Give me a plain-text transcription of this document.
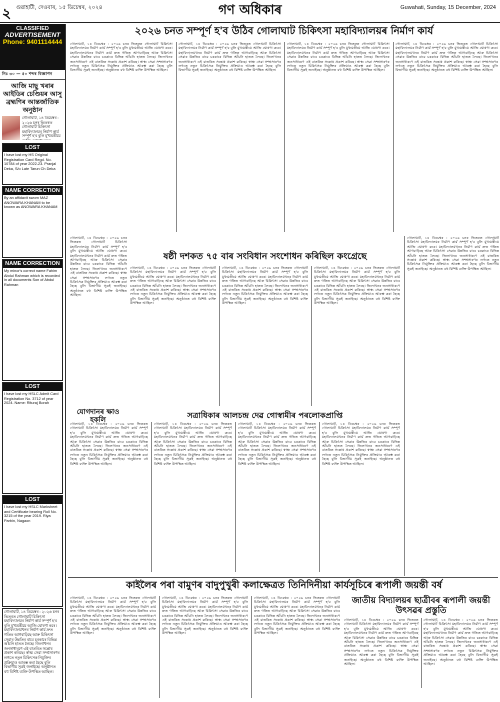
২ গুৱাহাটী, দেওবাৰ, ১৫ ডিচেম্বৰ, ২০২৪	গণ অধিকাৰ	Guwahati, Sunday, 15 December, 2024
CLASSIFIED
ADVERTISEMENT
Phone: 9401114444
নিঃ ৩০ — ৫০ শব্দৰ বিজ্ঞাপন
আজি মাছু খৰাৰ আইডিৰ চেণ্ডিয়ৰ আসু ব্ৰহ্মণিৰ আন্তৰ্জাতিক অনুষ্ঠান
গোলাঘাট, ১৪ ডিচেম্বৰ : ২০২৬ চনৰ ভিতৰত গোলাঘাট চিকিৎসা মহাবিদ্যালয়ৰ নিৰ্মাণ কাৰ্য সম্পূৰ্ণ হ'ব বুলি মুখ্যমন্ত্ৰীয়ে
LOST
I have lost my HS Original Registration Card Regd. No. 10784 of year 2022-23. Pranjal Deka, S/o Late Tarun Ch Deka
NAME CORRECTION
By an affidavit sworn MAZ ANOWARA KHANAM to be known as ANOWARA KHANAM
NAME CORRECTION
My minor's correct name Fahim Abdul Rahman which is recorded in all documents Son of Abdul Rahman
LOST
I have lost my HSLC Admit Card Registration No. 3712 of year 2024. Name: Rituraj Borah
LOST
I have lost my HSLC Marksheet and Certificate bearing Roll No. 3215 of the year 2019. Riya Parbin, Nagaon
গোলাঘাট, ১৪ ডিচেম্বৰ : ২০২৬ চনৰ ভিতৰত গোলাঘাট চিকিৎসা মহাবিদ্যালয়ৰ নিৰ্মাণ কাৰ্য সম্পূৰ্ণ হ'ব বুলি মুখ্যমন্ত্ৰীয়ে আজি ঘোষণা কৰে। মহাবিদ্যালয়খনৰ নিৰ্মাণ কাৰ্য দ্ৰুত গতিত আগবাঢ়িছে আৰু চিকিৎসা সেৱাৰ উন্নতিৰ বাবে চৰকাৰে বিভিন্ন আঁচনি হাতত লৈছে। জিলাখনৰ জনসাধাৰণে এই বাতৰিত সন্তোষ প্ৰকাশ কৰিছে। স্বাস্থ্য সেৱা সম্প্ৰসাৰণৰ লগতে নতুন চিকিৎসক নিযুক্তিৰ প্ৰক্ৰিয়াও আৰম্ভ কৰা হৈছে বুলি বিভাগীয় সূত্ৰই জনাইছে। অনুষ্ঠানত বহু বিশিষ্ট ব্যক্তি উপস্থিত আছিল।
যোগদানৰ ক্ষাও হকলি
২০২৬ চনত সম্পূৰ্ণ হ'ব উঠিব গোলাঘাট চিকিৎসা মহাবিদ্যালয়ৰ নিৰ্মাণ কাৰ্য
গোলাঘাট, ১৪ ডিচেম্বৰ : ২০২৬ চনৰ ভিতৰত গোলাঘাট চিকিৎসা মহাবিদ্যালয়ৰ নিৰ্মাণ কাৰ্য সম্পূৰ্ণ হ'ব বুলি মুখ্যমন্ত্ৰীয়ে আজি ঘোষণা কৰে। মহাবিদ্যালয়খনৰ নিৰ্মাণ কাৰ্য দ্ৰুত গতিত আগবাঢ়িছে আৰু চিকিৎসা সেৱাৰ উন্নতিৰ বাবে চৰকাৰে বিভিন্ন আঁচনি হাতত লৈছে। জিলাখনৰ জনসাধাৰণে এই বাতৰিত সন্তোষ প্ৰকাশ কৰিছে। স্বাস্থ্য সেৱা সম্প্ৰসাৰণৰ লগতে নতুন চিকিৎসক নিযুক্তিৰ প্ৰক্ৰিয়াও আৰম্ভ কৰা হৈছে বুলি বিভাগীয় সূত্ৰই জনাইছে। অনুষ্ঠানত বহু বিশিষ্ট ব্যক্তি উপস্থিত আছিল।
গোলাঘাট, ১৪ ডিচেম্বৰ : ২০২৬ চনৰ ভিতৰত গোলাঘাট চিকিৎসা মহাবিদ্যালয়ৰ নিৰ্মাণ কাৰ্য সম্পূৰ্ণ হ'ব বুলি মুখ্যমন্ত্ৰীয়ে আজি ঘোষণা কৰে। মহাবিদ্যালয়খনৰ নিৰ্মাণ কাৰ্য দ্ৰুত গতিত আগবাঢ়িছে আৰু চিকিৎসা সেৱাৰ উন্নতিৰ বাবে চৰকাৰে বিভিন্ন আঁচনি হাতত লৈছে। জিলাখনৰ জনসাধাৰণে এই বাতৰিত সন্তোষ প্ৰকাশ কৰিছে। স্বাস্থ্য সেৱা সম্প্ৰসাৰণৰ লগতে নতুন চিকিৎসক নিযুক্তিৰ প্ৰক্ৰিয়াও আৰম্ভ কৰা হৈছে বুলি বিভাগীয় সূত্ৰই জনাইছে। অনুষ্ঠানত বহু বিশিষ্ট ব্যক্তি উপস্থিত আছিল।
গোলাঘাট, ১৪ ডিচেম্বৰ : ২০২৬ চনৰ ভিতৰত গোলাঘাট চিকিৎসা মহাবিদ্যালয়ৰ নিৰ্মাণ কাৰ্য সম্পূৰ্ণ হ'ব বুলি মুখ্যমন্ত্ৰীয়ে আজি ঘোষণা কৰে। মহাবিদ্যালয়খনৰ নিৰ্মাণ কাৰ্য দ্ৰুত গতিত আগবাঢ়িছে আৰু চিকিৎসা সেৱাৰ উন্নতিৰ বাবে চৰকাৰে বিভিন্ন আঁচনি হাতত লৈছে। জিলাখনৰ জনসাধাৰণে এই বাতৰিত সন্তোষ প্ৰকাশ কৰিছে। স্বাস্থ্য সেৱা সম্প্ৰসাৰণৰ লগতে নতুন চিকিৎসক নিযুক্তিৰ প্ৰক্ৰিয়াও আৰম্ভ কৰা হৈছে বুলি বিভাগীয় সূত্ৰই জনাইছে। অনুষ্ঠানত বহু বিশিষ্ট ব্যক্তি উপস্থিত আছিল।
গোলাঘাট, ১৪ ডিচেম্বৰ : ২০২৬ চনৰ ভিতৰত গোলাঘাট চিকিৎসা মহাবিদ্যালয়ৰ নিৰ্মাণ কাৰ্য সম্পূৰ্ণ হ'ব বুলি মুখ্যমন্ত্ৰীয়ে আজি ঘোষণা কৰে। মহাবিদ্যালয়খনৰ নিৰ্মাণ কাৰ্য দ্ৰুত গতিত আগবাঢ়িছে আৰু চিকিৎসা সেৱাৰ উন্নতিৰ বাবে চৰকাৰে বিভিন্ন আঁচনি হাতত লৈছে। জিলাখনৰ জনসাধাৰণে এই বাতৰিত সন্তোষ প্ৰকাশ কৰিছে। স্বাস্থ্য সেৱা সম্প্ৰসাৰণৰ লগতে নতুন চিকিৎসক নিযুক্তিৰ প্ৰক্ৰিয়াও আৰম্ভ কৰা হৈছে বুলি বিভাগীয় সূত্ৰই জনাইছে। অনুষ্ঠানত বহু বিশিষ্ট ব্যক্তি উপস্থিত আছিল।
ষষ্ঠী দশকত ৭৫ বাৰ সংবিধান সংশোধন কৰিছিল কংগ্ৰেছে
গোলাঘাট, ১৪ ডিচেম্বৰ : ২০২৬ চনৰ ভিতৰত গোলাঘাট চিকিৎসা মহাবিদ্যালয়ৰ নিৰ্মাণ কাৰ্য সম্পূৰ্ণ হ'ব বুলি মুখ্যমন্ত্ৰীয়ে আজি ঘোষণা কৰে। মহাবিদ্যালয়খনৰ নিৰ্মাণ কাৰ্য দ্ৰুত গতিত আগবাঢ়িছে আৰু চিকিৎসা সেৱাৰ উন্নতিৰ বাবে চৰকাৰে বিভিন্ন আঁচনি হাতত লৈছে। জিলাখনৰ জনসাধাৰণে এই বাতৰিত সন্তোষ প্ৰকাশ কৰিছে। স্বাস্থ্য সেৱা সম্প্ৰসাৰণৰ লগতে নতুন চিকিৎসক নিযুক্তিৰ প্ৰক্ৰিয়াও আৰম্ভ কৰা হৈছে বুলি বিভাগীয় সূত্ৰই জনাইছে। অনুষ্ঠানত বহু বিশিষ্ট ব্যক্তি উপস্থিত আছিল।
গোলাঘাট, ১৪ ডিচেম্বৰ : ২০২৬ চনৰ ভিতৰত গোলাঘাট চিকিৎসা মহাবিদ্যালয়ৰ নিৰ্মাণ কাৰ্য সম্পূৰ্ণ হ'ব বুলি মুখ্যমন্ত্ৰীয়ে আজি ঘোষণা কৰে। মহাবিদ্যালয়খনৰ নিৰ্মাণ কাৰ্য দ্ৰুত গতিত আগবাঢ়িছে আৰু চিকিৎসা সেৱাৰ উন্নতিৰ বাবে চৰকাৰে বিভিন্ন আঁচনি হাতত লৈছে। জিলাখনৰ জনসাধাৰণে এই বাতৰিত সন্তোষ প্ৰকাশ কৰিছে। স্বাস্থ্য সেৱা সম্প্ৰসাৰণৰ লগতে নতুন চিকিৎসক নিযুক্তিৰ প্ৰক্ৰিয়াও আৰম্ভ কৰা হৈছে বুলি বিভাগীয় সূত্ৰই জনাইছে। অনুষ্ঠানত বহু বিশিষ্ট ব্যক্তি উপস্থিত আছিল।
গোলাঘাট, ১৪ ডিচেম্বৰ : ২০২৬ চনৰ ভিতৰত গোলাঘাট চিকিৎসা মহাবিদ্যালয়ৰ নিৰ্মাণ কাৰ্য সম্পূৰ্ণ হ'ব বুলি মুখ্যমন্ত্ৰীয়ে আজি ঘোষণা কৰে। মহাবিদ্যালয়খনৰ নিৰ্মাণ কাৰ্য দ্ৰুত গতিত আগবাঢ়িছে আৰু চিকিৎসা সেৱাৰ উন্নতিৰ বাবে চৰকাৰে বিভিন্ন আঁচনি হাতত লৈছে। জিলাখনৰ জনসাধাৰণে এই বাতৰিত সন্তোষ প্ৰকাশ কৰিছে। স্বাস্থ্য সেৱা সম্প্ৰসাৰণৰ লগতে নতুন চিকিৎসক নিযুক্তিৰ প্ৰক্ৰিয়াও আৰম্ভ কৰা হৈছে বুলি বিভাগীয় সূত্ৰই জনাইছে। অনুষ্ঠানত বহু বিশিষ্ট ব্যক্তি উপস্থিত আছিল।
গোলাঘাট, ১৪ ডিচেম্বৰ : ২০২৬ চনৰ ভিতৰত গোলাঘাট চিকিৎসা মহাবিদ্যালয়ৰ নিৰ্মাণ কাৰ্য সম্পূৰ্ণ হ'ব বুলি মুখ্যমন্ত্ৰীয়ে আজি ঘোষণা কৰে। মহাবিদ্যালয়খনৰ নিৰ্মাণ কাৰ্য দ্ৰুত গতিত আগবাঢ়িছে আৰু চিকিৎসা সেৱাৰ উন্নতিৰ বাবে চৰকাৰে বিভিন্ন আঁচনি হাতত লৈছে। জিলাখনৰ জনসাধাৰণে এই বাতৰিত সন্তোষ প্ৰকাশ কৰিছে। স্বাস্থ্য সেৱা সম্প্ৰসাৰণৰ লগতে নতুন চিকিৎসক নিযুক্তিৰ প্ৰক্ৰিয়াও আৰম্ভ কৰা হৈছে বুলি বিভাগীয় সূত্ৰই জনাইছে। অনুষ্ঠানত বহু বিশিষ্ট ব্যক্তি উপস্থিত আছিল।
গোলাঘাট, ১৪ ডিচেম্বৰ : ২০২৬ চনৰ ভিতৰত গোলাঘাট চিকিৎসা মহাবিদ্যালয়ৰ নিৰ্মাণ কাৰ্য সম্পূৰ্ণ হ'ব বুলি মুখ্যমন্ত্ৰীয়ে আজি ঘোষণা কৰে। মহাবিদ্যালয়খনৰ নিৰ্মাণ কাৰ্য দ্ৰুত গতিত আগবাঢ়িছে আৰু চিকিৎসা সেৱাৰ উন্নতিৰ বাবে চৰকাৰে বিভিন্ন আঁচনি হাতত লৈছে। জিলাখনৰ জনসাধাৰণে এই বাতৰিত সন্তোষ প্ৰকাশ কৰিছে। স্বাস্থ্য সেৱা সম্প্ৰসাৰণৰ লগতে নতুন চিকিৎসক নিযুক্তিৰ প্ৰক্ৰিয়াও আৰম্ভ কৰা হৈছে বুলি বিভাগীয় সূত্ৰই জনাইছে। অনুষ্ঠানত বহু বিশিষ্ট ব্যক্তি উপস্থিত আছিল।
সত্ৰাধিকাৰ আলচন্দ্ৰ দেৱ গোস্বামীৰ পৰলোকপ্ৰাপ্তি
গোলাঘাট, ১৪ ডিচেম্বৰ : ২০২৬ চনৰ ভিতৰত গোলাঘাট চিকিৎসা মহাবিদ্যালয়ৰ নিৰ্মাণ কাৰ্য সম্পূৰ্ণ হ'ব বুলি মুখ্যমন্ত্ৰীয়ে আজি ঘোষণা কৰে। মহাবিদ্যালয়খনৰ নিৰ্মাণ কাৰ্য দ্ৰুত গতিত আগবাঢ়িছে আৰু চিকিৎসা সেৱাৰ উন্নতিৰ বাবে চৰকাৰে বিভিন্ন আঁচনি হাতত লৈছে। জিলাখনৰ জনসাধাৰণে এই বাতৰিত সন্তোষ প্ৰকাশ কৰিছে। স্বাস্থ্য সেৱা সম্প্ৰসাৰণৰ লগতে নতুন চিকিৎসক নিযুক্তিৰ প্ৰক্ৰিয়াও আৰম্ভ কৰা হৈছে বুলি বিভাগীয় সূত্ৰই জনাইছে। অনুষ্ঠানত বহু বিশিষ্ট ব্যক্তি উপস্থিত আছিল।
গোলাঘাট, ১৪ ডিচেম্বৰ : ২০২৬ চনৰ ভিতৰত গোলাঘাট চিকিৎসা মহাবিদ্যালয়ৰ নিৰ্মাণ কাৰ্য সম্পূৰ্ণ হ'ব বুলি মুখ্যমন্ত্ৰীয়ে আজি ঘোষণা কৰে। মহাবিদ্যালয়খনৰ নিৰ্মাণ কাৰ্য দ্ৰুত গতিত আগবাঢ়িছে আৰু চিকিৎসা সেৱাৰ উন্নতিৰ বাবে চৰকাৰে বিভিন্ন আঁচনি হাতত লৈছে। জিলাখনৰ জনসাধাৰণে এই বাতৰিত সন্তোষ প্ৰকাশ কৰিছে। স্বাস্থ্য সেৱা সম্প্ৰসাৰণৰ লগতে নতুন চিকিৎসক নিযুক্তিৰ প্ৰক্ৰিয়াও আৰম্ভ কৰা হৈছে বুলি বিভাগীয় সূত্ৰই জনাইছে। অনুষ্ঠানত বহু বিশিষ্ট ব্যক্তি উপস্থিত আছিল।
গোলাঘাট, ১৪ ডিচেম্বৰ : ২০২৬ চনৰ ভিতৰত গোলাঘাট চিকিৎসা মহাবিদ্যালয়ৰ নিৰ্মাণ কাৰ্য সম্পূৰ্ণ হ'ব বুলি মুখ্যমন্ত্ৰীয়ে আজি ঘোষণা কৰে। মহাবিদ্যালয়খনৰ নিৰ্মাণ কাৰ্য দ্ৰুত গতিত আগবাঢ়িছে আৰু চিকিৎসা সেৱাৰ উন্নতিৰ বাবে চৰকাৰে বিভিন্ন আঁচনি হাতত লৈছে। জিলাখনৰ জনসাধাৰণে এই বাতৰিত সন্তোষ প্ৰকাশ কৰিছে। স্বাস্থ্য সেৱা সম্প্ৰসাৰণৰ লগতে নতুন চিকিৎসক নিযুক্তিৰ প্ৰক্ৰিয়াও আৰম্ভ কৰা হৈছে বুলি বিভাগীয় সূত্ৰই জনাইছে। অনুষ্ঠানত বহু বিশিষ্ট ব্যক্তি উপস্থিত আছিল।
গোলাঘাট, ১৪ ডিচেম্বৰ : ২০২৬ চনৰ ভিতৰত গোলাঘাট চিকিৎসা মহাবিদ্যালয়ৰ নিৰ্মাণ কাৰ্য সম্পূৰ্ণ হ'ব বুলি মুখ্যমন্ত্ৰীয়ে আজি ঘোষণা কৰে। মহাবিদ্যালয়খনৰ নিৰ্মাণ কাৰ্য দ্ৰুত গতিত আগবাঢ়িছে আৰু চিকিৎসা সেৱাৰ উন্নতিৰ বাবে চৰকাৰে বিভিন্ন আঁচনি হাতত লৈছে। জিলাখনৰ জনসাধাৰণে এই বাতৰিত সন্তোষ প্ৰকাশ কৰিছে। স্বাস্থ্য সেৱা সম্প্ৰসাৰণৰ লগতে নতুন চিকিৎসক নিযুক্তিৰ প্ৰক্ৰিয়াও আৰম্ভ কৰা হৈছে বুলি বিভাগীয় সূত্ৰই জনাইছে। অনুষ্ঠানত বহু বিশিষ্ট ব্যক্তি উপস্থিত আছিল।
কাইলৈৰ পৰা বামুণৰ বাদুপুখুৰী কলাক্ষেত্ৰত তিনিদিনীয়া কাৰ্যসূচিৰে ৰূপালী জয়ন্তী বৰ্ষ
গোলাঘাট, ১৪ ডিচেম্বৰ : ২০২৬ চনৰ ভিতৰত গোলাঘাট চিকিৎসা মহাবিদ্যালয়ৰ নিৰ্মাণ কাৰ্য সম্পূৰ্ণ হ'ব বুলি মুখ্যমন্ত্ৰীয়ে আজি ঘোষণা কৰে। মহাবিদ্যালয়খনৰ নিৰ্মাণ কাৰ্য দ্ৰুত গতিত আগবাঢ়িছে আৰু চিকিৎসা সেৱাৰ উন্নতিৰ বাবে চৰকাৰে বিভিন্ন আঁচনি হাতত লৈছে। জিলাখনৰ জনসাধাৰণে এই বাতৰিত সন্তোষ প্ৰকাশ কৰিছে। স্বাস্থ্য সেৱা সম্প্ৰসাৰণৰ লগতে নতুন চিকিৎসক নিযুক্তিৰ প্ৰক্ৰিয়াও আৰম্ভ কৰা হৈছে বুলি বিভাগীয় সূত্ৰই জনাইছে। অনুষ্ঠানত বহু বিশিষ্ট ব্যক্তি উপস্থিত আছিল।
গোলাঘাট, ১৪ ডিচেম্বৰ : ২০২৬ চনৰ ভিতৰত গোলাঘাট চিকিৎসা মহাবিদ্যালয়ৰ নিৰ্মাণ কাৰ্য সম্পূৰ্ণ হ'ব বুলি মুখ্যমন্ত্ৰীয়ে আজি ঘোষণা কৰে। মহাবিদ্যালয়খনৰ নিৰ্মাণ কাৰ্য দ্ৰুত গতিত আগবাঢ়িছে আৰু চিকিৎসা সেৱাৰ উন্নতিৰ বাবে চৰকাৰে বিভিন্ন আঁচনি হাতত লৈছে। জিলাখনৰ জনসাধাৰণে এই বাতৰিত সন্তোষ প্ৰকাশ কৰিছে। স্বাস্থ্য সেৱা সম্প্ৰসাৰণৰ লগতে নতুন চিকিৎসক নিযুক্তিৰ প্ৰক্ৰিয়াও আৰম্ভ কৰা হৈছে বুলি বিভাগীয় সূত্ৰই জনাইছে। অনুষ্ঠানত বহু বিশিষ্ট ব্যক্তি উপস্থিত আছিল।
গোলাঘাট, ১৪ ডিচেম্বৰ : ২০২৬ চনৰ ভিতৰত গোলাঘাট চিকিৎসা মহাবিদ্যালয়ৰ নিৰ্মাণ কাৰ্য সম্পূৰ্ণ হ'ব বুলি মুখ্যমন্ত্ৰীয়ে আজি ঘোষণা কৰে। মহাবিদ্যালয়খনৰ নিৰ্মাণ কাৰ্য দ্ৰুত গতিত আগবাঢ়িছে আৰু চিকিৎসা সেৱাৰ উন্নতিৰ বাবে চৰকাৰে বিভিন্ন আঁচনি হাতত লৈছে। জিলাখনৰ জনসাধাৰণে এই বাতৰিত সন্তোষ প্ৰকাশ কৰিছে। স্বাস্থ্য সেৱা সম্প্ৰসাৰণৰ লগতে নতুন চিকিৎসক নিযুক্তিৰ প্ৰক্ৰিয়াও আৰম্ভ কৰা হৈছে বুলি বিভাগীয় সূত্ৰই জনাইছে। অনুষ্ঠানত বহু বিশিষ্ট ব্যক্তি উপস্থিত আছিল।
জাতীয় বিদ্যালয়ৰ ছাত্ৰীবৰ ৰূপালী জয়ন্তী উৎসৱৰ প্ৰস্তুতি
গোলাঘাট, ১৪ ডিচেম্বৰ : ২০২৬ চনৰ ভিতৰত গোলাঘাট চিকিৎসা মহাবিদ্যালয়ৰ নিৰ্মাণ কাৰ্য সম্পূৰ্ণ হ'ব বুলি মুখ্যমন্ত্ৰীয়ে আজি ঘোষণা কৰে। মহাবিদ্যালয়খনৰ নিৰ্মাণ কাৰ্য দ্ৰুত গতিত আগবাঢ়িছে আৰু চিকিৎসা সেৱাৰ উন্নতিৰ বাবে চৰকাৰে বিভিন্ন আঁচনি হাতত লৈছে। জিলাখনৰ জনসাধাৰণে এই বাতৰিত সন্তোষ প্ৰকাশ কৰিছে। স্বাস্থ্য সেৱা সম্প্ৰসাৰণৰ লগতে নতুন চিকিৎসক নিযুক্তিৰ প্ৰক্ৰিয়াও আৰম্ভ কৰা হৈছে বুলি বিভাগীয় সূত্ৰই জনাইছে। অনুষ্ঠানত বহু বিশিষ্ট ব্যক্তি উপস্থিত আছিল।
গোলাঘাট, ১৪ ডিচেম্বৰ : ২০২৬ চনৰ ভিতৰত গোলাঘাট চিকিৎসা মহাবিদ্যালয়ৰ নিৰ্মাণ কাৰ্য সম্পূৰ্ণ হ'ব বুলি মুখ্যমন্ত্ৰীয়ে আজি ঘোষণা কৰে। মহাবিদ্যালয়খনৰ নিৰ্মাণ কাৰ্য দ্ৰুত গতিত আগবাঢ়িছে আৰু চিকিৎসা সেৱাৰ উন্নতিৰ বাবে চৰকাৰে বিভিন্ন আঁচনি হাতত লৈছে। জিলাখনৰ জনসাধাৰণে এই বাতৰিত সন্তোষ প্ৰকাশ কৰিছে। স্বাস্থ্য সেৱা সম্প্ৰসাৰণৰ লগতে নতুন চিকিৎসক নিযুক্তিৰ প্ৰক্ৰিয়াও আৰম্ভ কৰা হৈছে বুলি বিভাগীয় সূত্ৰই জনাইছে। অনুষ্ঠানত বহু বিশিষ্ট ব্যক্তি উপস্থিত আছিল।
